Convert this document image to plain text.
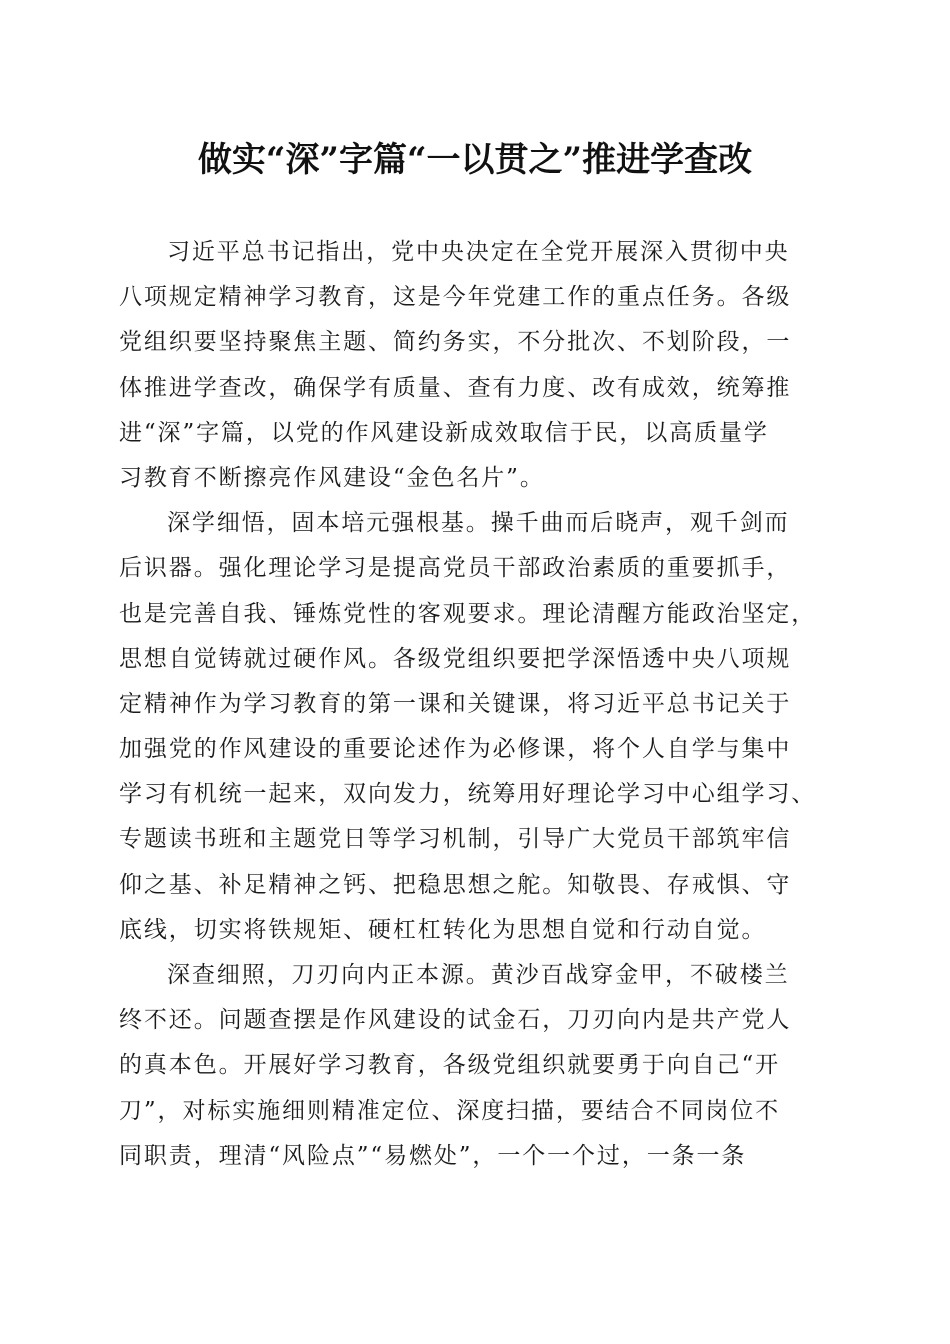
做实“深”字篇“一以贯之”推进学查改
习近平总书记指出，党中央决定在全党开展深入贯彻中央
八项规定精神学习教育，这是今年党建工作的重点任务。各级
党组织要坚持聚焦主题、简约务实，不分批次、不划阶段，一
体推进学查改，确保学有质量、查有力度、改有成效，统筹推
进“深”字篇，以党的作风建设新成效取信于民，以高质量学
习教育不断擦亮作风建设“金色名片”。
深学细悟，固本培元强根基。操千曲而后晓声，观千剑而
后识器。强化理论学习是提高党员干部政治素质的重要抓手，
也是完善自我、锤炼党性的客观要求。理论清醒方能政治坚定，
思想自觉铸就过硬作风。各级党组织要把学深悟透中央八项规
定精神作为学习教育的第一课和关键课，将习近平总书记关于
加强党的作风建设的重要论述作为必修课，将个人自学与集中
学习有机统一起来，双向发力，统筹用好理论学习中心组学习、
专题读书班和主题党日等学习机制，引导广大党员干部筑牢信
仰之基、补足精神之钙、把稳思想之舵。知敬畏、存戒惧、守
底线，切实将铁规矩、硬杠杠转化为思想自觉和行动自觉。
深查细照，刀刃向内正本源。黄沙百战穿金甲，不破楼兰
终不还。问题查摆是作风建设的试金石，刀刃向内是共产党人
的真本色。开展好学习教育，各级党组织就要勇于向自己“开
刀”，对标实施细则精准定位、深度扫描，要结合不同岗位不
同职责，理清“风险点”“易燃处”，一个一个过，一条一条
